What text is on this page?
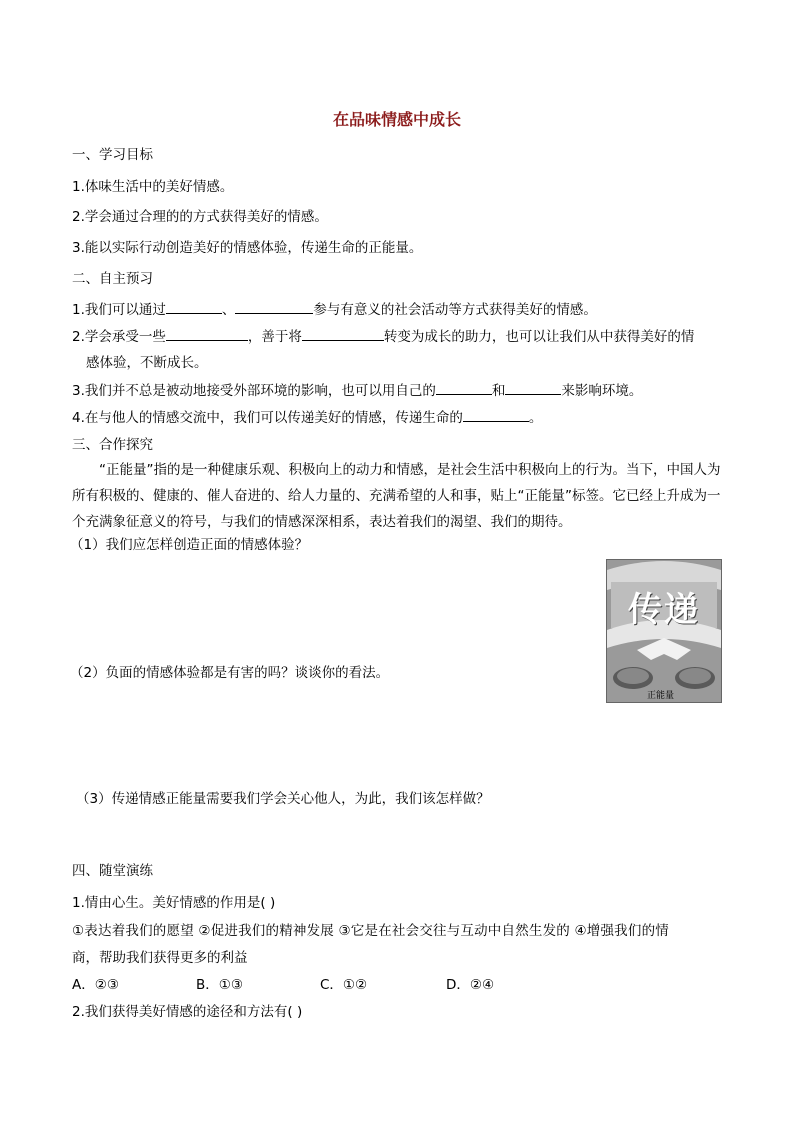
在品味情感中成长
一、学习目标
1.体味生活中的美好情感。
2.学会通过合理的的方式获得美好的情感。
3.能以实际行动创造美好的情感体验，传递生命的正能量。
二、自主预习
1.我们可以通过	、	参与有意义的社会活动等方式获得美好的情感。
2.学会承受一些	，善于将	转变为成长的助力，也可以让我们从中获得美好的情
感体验，不断成长。
3.我们并不总是被动地接受外部环境的影响，也可以用自己的	和	来影响环境。
4.在与他人的情感交流中，我们可以传递美好的情感，传递生命的	。
三、合作探究
“正能量”指的是一种健康乐观、积极向上的动力和情感，是社会生活中积极向上的行为。当下，中国人为所有积极的、健康的、催人奋进的、给人力量的、充满希望的人和事，贴上“正能量”标签。它已经上升成为一个充满象征意义的符号，与我们的情感深深相系，表达着我们的渴望、我们的期待。
（1）我们应怎样创造正面的情感体验？
（2）负面的情感体验都是有害的吗？谈谈你的看法。
（3）传递情感正能量需要我们学会关心他人，为此，我们该怎样做？
传递
正能量
四、随堂演练
1.情由心生。美好情感的作用是( )
①表达着我们的愿望 ②促进我们的精神发展 ③它是在社会交往与互动中自然生发的 ④增强我们的情
商，帮助我们获得更多的利益
A．②③	B．①③	C．①②	D．②④
2.我们获得美好情感的途径和方法有( )
